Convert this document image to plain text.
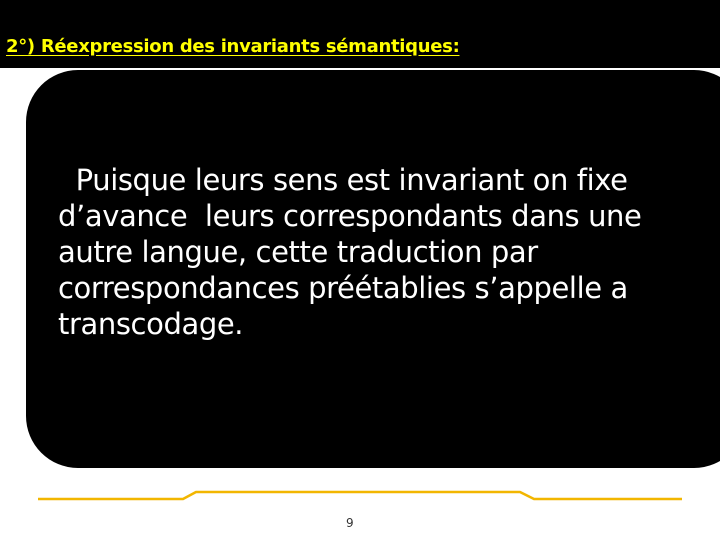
2°) Réexpression des invariants sémantiques:

Puisque leurs sens est invariant on fixe
d’avance  leurs correspondants dans une
autre langue, cette traduction par
correspondances préétablies s’appelle a
transcodage.

9
